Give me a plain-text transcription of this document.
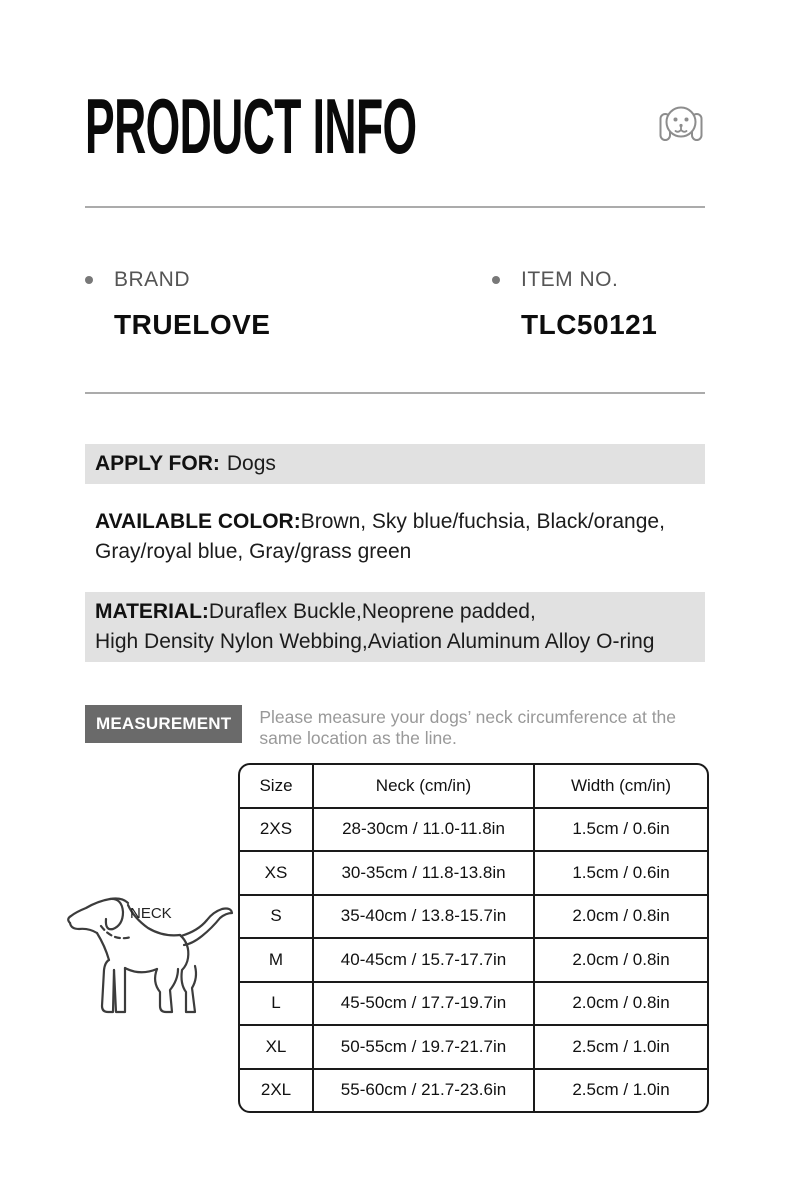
PRODUCT INFO
BRAND
TRUELOVE
ITEM NO.
TLC50121
APPLY FOR: Dogs

AVAILABLE COLOR:Brown, Sky blue/fuchsia, Black/orange, Gray/royal blue, Gray/grass green

MATERIAL:Duraflex Buckle,Neoprene padded,
High Density Nylon Webbing,Aviation Aluminum Alloy O-ring
MEASUREMENT	Please measure your dogs’ neck circumference at the same location as the line.

NECK
Size	Neck (cm/in)	Width (cm/in)
2XS	28-30cm / 11.0-11.8in	1.5cm / 0.6in
XS	30-35cm / 11.8-13.8in	1.5cm / 0.6in
S	35-40cm / 13.8-15.7in	2.0cm / 0.8in
M	40-45cm / 15.7-17.7in	2.0cm / 0.8in
L	45-50cm / 17.7-19.7in	2.0cm / 0.8in
XL	50-55cm / 19.7-21.7in	2.5cm / 1.0in
2XL	55-60cm / 21.7-23.6in	2.5cm / 1.0in
